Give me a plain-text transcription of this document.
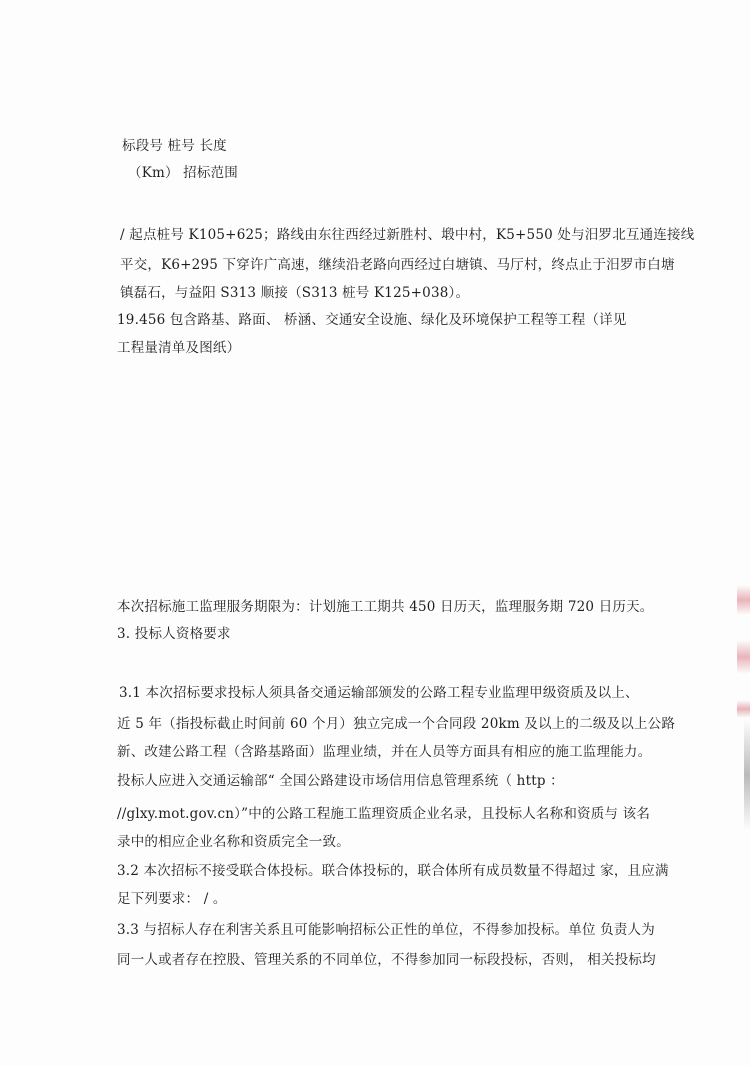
标段号 桩号 长度
（Km） 招标范围
/ 起点桩号 K105+625；路线由东往西经过新胜村、塅中村，K5+550 处与汨罗北互通连接线
平交，K6+295 下穿许广高速，继续沿老路向西经过白塘镇、马厅村，终点止于汨罗市白塘
镇磊石，与益阳 S313 顺接（S313 桩号 K125+038）。
19.456 包含路基、路面、 桥涵、交通安全设施、绿化及环境保护工程等工程（详见
工程量清单及图纸）
本次招标施工监理服务期限为：计划施工工期共 450 日历天，监理服务期 720 日历天。
3. 投标人资格要求
3.1 本次招标要求投标人须具备交通运输部颁发的公路工程专业监理甲级资质及以上、
近 5 年（指投标截止时间前 60 个月）独立完成一个合同段 20km 及以上的二级及以上公路
新、改建公路工程（含路基路面）监理业绩，并在人员等方面具有相应的施工监理能力。
投标人应进入交通运输部“ 全国公路建设市场信用信息管理系统（ http ：
//glxy.mot.gov.cn）”中的公路工程施工监理资质企业名录，且投标人名称和资质与 该名
录中的相应企业名称和资质完全一致。
3.2 本次招标不接受联合体投标。联合体投标的，联合体所有成员数量不得超过 家，且应满
足下列要求： / 。
3.3 与招标人存在利害关系且可能影响招标公正性的单位，不得参加投标。单位 负责人为
同一人或者存在控股、管理关系的不同单位，不得参加同一标段投标，否则， 相关投标均
